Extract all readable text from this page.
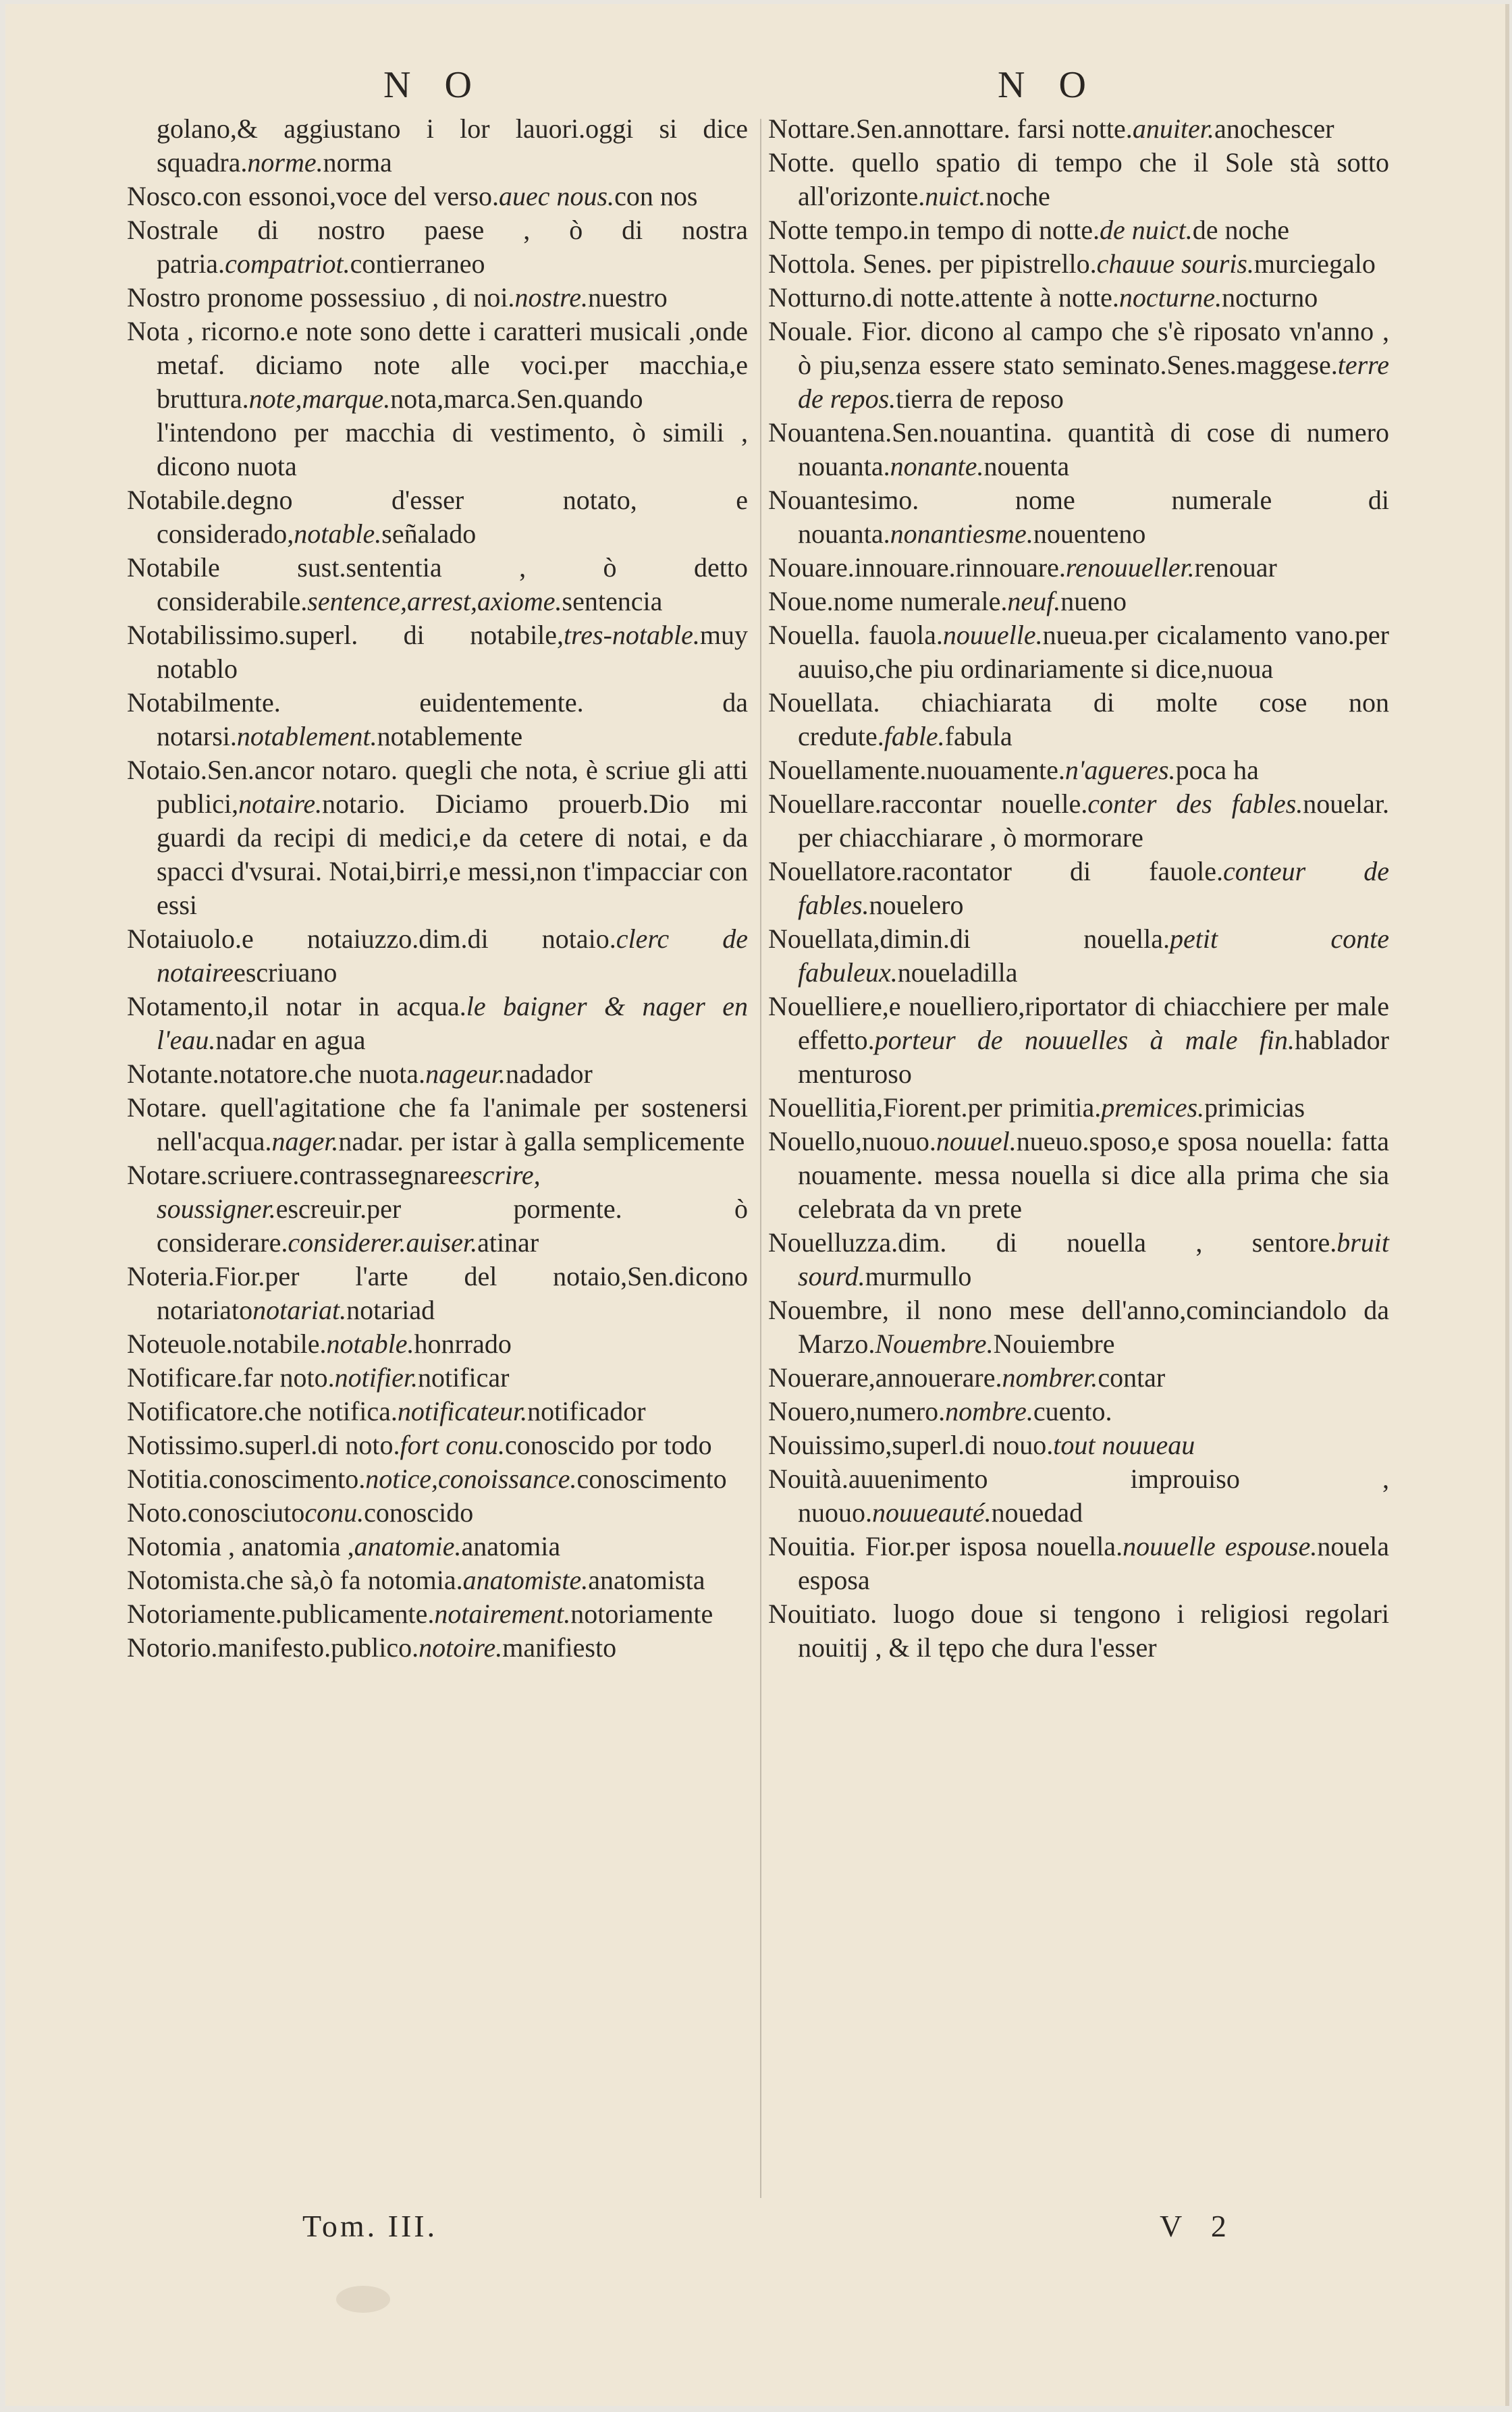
N O	N O

golano,& aggiustano i lor lauori.oggi si dice squadra.norme.norma

Nosco.con essonoi,voce del verso.auec nous.con nos

Nostrale di nostro paese , ò di nostra patria.compatriot.contierraneo

Nostro pronome possessiuo , di noi.nostre.nuestro

Nota , ricorno.e note sono dette i caratteri musicali ,onde metaf. diciamo note alle voci.per macchia,e bruttura.note,marque.nota,marca.Sen.quando l'intendono per macchia di vestimento, ò simili , dicono nuota

Notabile.degno d'esser notato, e considerado,notable.señalado

Notabile sust.sententia , ò detto considerabile.sentence,arrest,axiome.sentencia

Notabilissimo.superl. di notabile,tres-notable.muy notablo

Notabilmente. euidentemente. da notarsi.notablement.notablemente

Notaio.Sen.ancor notaro. quegli che nota, è scriue gli atti publici,notaire.notario. Diciamo prouerb.Dio mi guardi da recipi di medici,e da cetere di notai, e da spacci d'vsurai. Notai,birri,e messi,non t'impacciar con essi

Notaiuolo.e notaiuzzo.dim.di notaio.clerc de notaireescriuano

Notamento,il notar in acqua.le baigner & nager en l'eau.nadar en agua

Notante.notatore.che nuota.nageur.nadador

Notare. quell'agitatione che fa l'animale per sostenersi nell'acqua.nager.nadar. per istar à galla semplicemente

Notare.scriuere.contrassegnareescrire, soussigner.escreuir.per pormente. ò considerare.considerer.auiser.atinar

Noteria.Fior.per l'arte del notaio,Sen.dicono notariatonotariat.notariad

Noteuole.notabile.notable.honrrado

Notificare.far noto.notifier.notificar

Notificatore.che notifica.notificateur.notificador

Notissimo.superl.di noto.fort conu.conoscido por todo

Notitia.conoscimento.notice,conoissance.conoscimento

Noto.conosciutoconu.conoscido

Notomia , anatomia ,anatomie.anatomia

Notomista.che sà,ò fa notomia.anatomiste.anatomista

Notoriamente.publicamente.notairement.notoriamente

Notorio.manifesto.publico.notoire.manifiesto

Nottare.Sen.annottare. farsi notte.anuiter.anochescer

Notte. quello spatio di tempo che il Sole stà sotto all'orizonte.nuict.noche

Notte tempo.in tempo di notte.de nuict.de noche

Nottola. Senes. per pipistrello.chauue souris.murciegalo

Notturno.di notte.attente à notte.nocturne.nocturno

Nouale. Fior. dicono al campo che s'è riposato vn'anno , ò piu,senza essere stato seminato.Senes.maggese.terre de repos.tierra de reposo

Nouantena.Sen.nouantina. quantità di cose di numero nouanta.nonante.nouenta

Nouantesimo. nome numerale di nouanta.nonantiesme.nouenteno

Nouare.innouare.rinnouare.renouueller.renouar

Noue.nome numerale.neuf.nueno

Nouella. fauola.nouuelle.nueua.per cicalamento vano.per auuiso,che piu ordinariamente si dice,nuoua

Nouellata. chiachiarata di molte cose non credute.fable.fabula

Nouellamente.nuouamente.n'agueres.poca ha

Nouellare.raccontar nouelle.conter des fables.nouelar. per chiacchiarare , ò mormorare

Nouellatore.racontator di fauole.conteur de fables.nouelero

Nouellata,dimin.di nouella.petit conte fabuleux.noueladilla

Nouelliere,e nouelliero,riportator di chiacchiere per male effetto.porteur de nouuelles à male fin.hablador menturoso

Nouellitia,Fiorent.per primitia.premices.primicias

Nouello,nuouo.nouuel.nueuo.sposo,e sposa nouella: fatta nouamente. messa nouella si dice alla prima che sia celebrata da vn prete

Nouelluzza.dim. di nouella , sentore.bruit sourd.murmullo

Nouembre, il nono mese dell'anno,cominciandolo da Marzo.Nouembre.Nouiembre

Nouerare,annouerare.nombrer.contar

Nouero,numero.nombre.cuento.

Nouissimo,superl.di nouo.tout nouueau

Nouità.auuenimento improuiso , nuouo.nouueauté.nouedad

Nouitia. Fior.per isposa nouella.nouuelle espouse.nouela esposa

Nouitiato. luogo doue si tengono i religiosi regolari nouitij , & il tępo che dura l'esser

Tom. III.	V 2
